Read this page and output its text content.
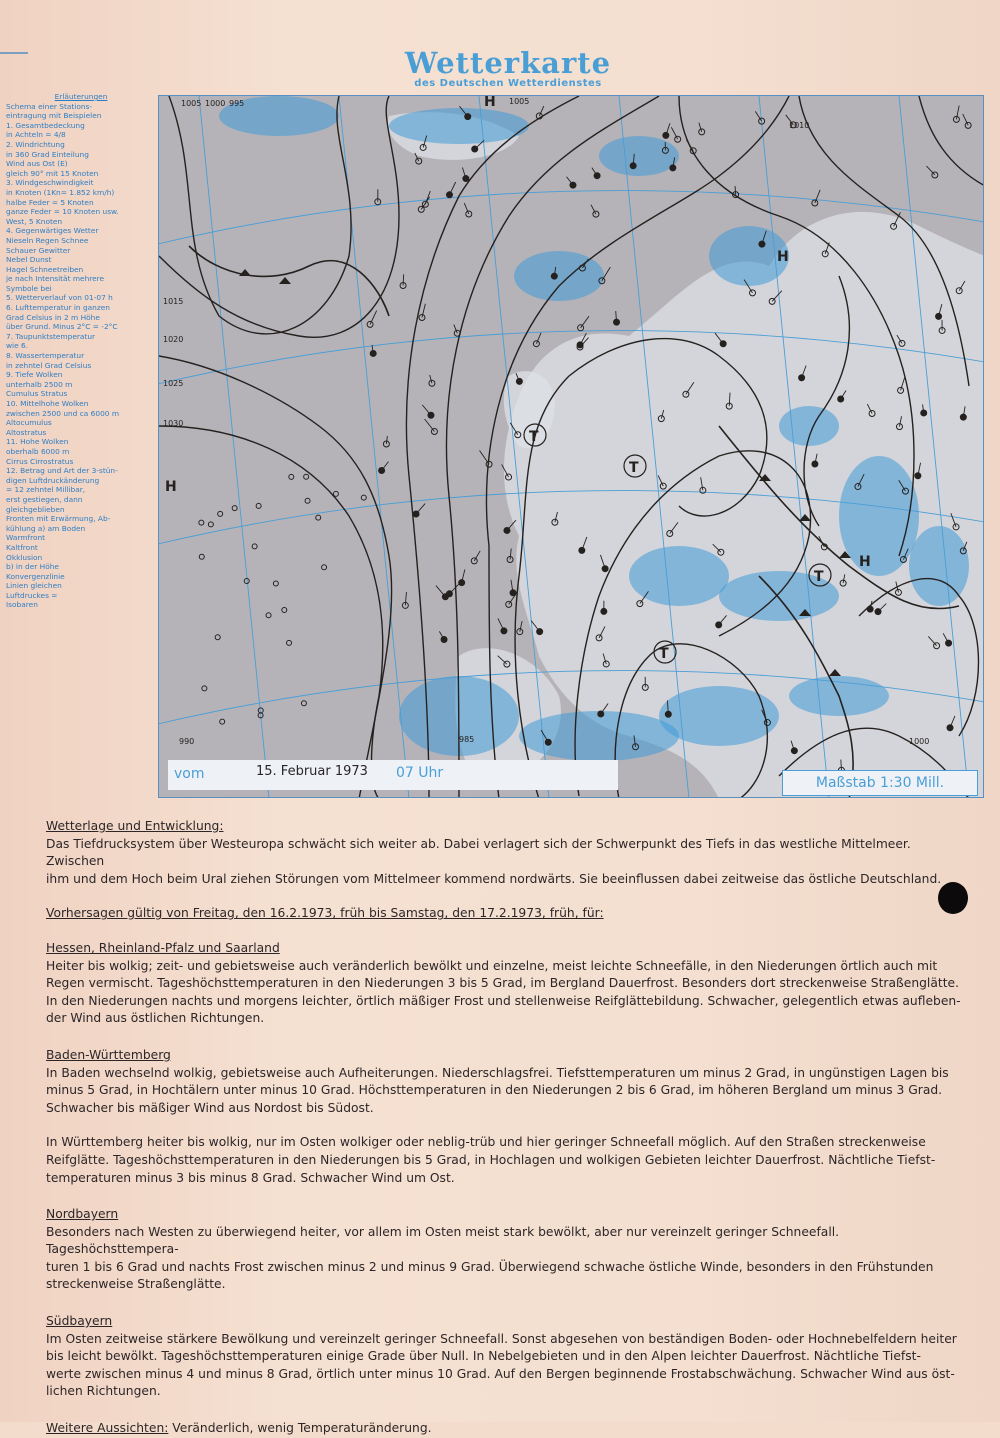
Wetterkarte
des Deutschen Wetterdienstes
Erläuterungen
Schema einer Stations-
eintragung mit Beispielen
1. Gesamtbedeckung
in Achteln = 4/8
2. Windrichtung
in 360 Grad Einteilung
Wind aus Ost (E)
gleich 90° mit 15 Knoten
3. Windgeschwindigkeit
in Knoten (1Kn= 1.852 km/h)
halbe Feder = 5 Knoten
ganze Feder = 10 Knoten usw.
West, 5 Knoten
4. Gegenwärtiges Wetter
Nieseln Regen Schnee
Schauer Gewitter
Nebel Dunst
Hagel Schneetreiben
je nach Intensität mehrere
Symbole bei
5. Wetterverlauf von 01-07 h
6. Lufttemperatur in ganzen
Grad Celsius in 2 m Höhe
über Grund. Minus 2°C = -2°C
7. Taupunktstemperatur
wie 6.
8. Wassertemperatur
in zehntel Grad Celsius
9. Tiefe Wolken
unterhalb 2500 m
Cumulus Stratus
10. Mittelhohe Wolken
zwischen 2500 und ca 6000 m
Altocumulus
Altostratus
11. Hohe Wolken
oberhalb 6000 m
Cirrus Cirrostratus
12. Betrag und Art der 3-stün-
digen Luftdruckänderung
= 12 zehntel Millibar,
erst gestiegen, dann
gleichgeblieben
Fronten mit Erwärmung, Ab-
kühlung a) am Boden
Warmfront
Kaltfront
Okklusion
b) in der Höhe
Konvergenzlinie
Linien gleichen
Luftdruckes =
Isobaren
1005 1000 995
1010
1015
1020
1025
1030
990	985
1005
1000
H
H
H
H
T
T
T
T
vom	15. Februar 1973 07 Uhr
Maßstab 1:30 Mill.

Wetterlage und Entwicklung:

Das Tiefdrucksystem über Westeuropa schwächt sich weiter ab. Dabei verlagert sich der Schwerpunkt des Tiefs in das westliche Mittelmeer. Zwischen

ihm und dem Hoch beim Ural ziehen Störungen vom Mittelmeer kommend nordwärts. Sie beeinflussen dabei zeitweise das östliche Deutschland.

Vorhersagen gültig von Freitag, den 16.2.1973, früh bis Samstag, den 17.2.1973, früh, für:

Hessen, Rheinland-Pfalz und Saarland

Heiter bis wolkig; zeit- und gebietsweise auch veränderlich bewölkt und einzelne, meist leichte Schneefälle, in den Niederungen örtlich auch mit

Regen vermischt. Tageshöchsttemperaturen in den Niederungen 3 bis 5 Grad, im Bergland Dauerfrost. Besonders dort streckenweise Straßenglätte.

In den Niederungen nachts und morgens leichter, örtlich mäßiger Frost und stellenweise Reifglättebildung. Schwacher, gelegentlich etwas aufleben-

der Wind aus östlichen Richtungen.

Baden-Württemberg

In Baden wechselnd wolkig, gebietsweise auch Aufheiterungen. Niederschlagsfrei. Tiefsttemperaturen um minus 2 Grad, in ungünstigen Lagen bis

minus 5 Grad, in Hochtälern unter minus 10 Grad. Höchsttemperaturen in den Niederungen 2 bis 6 Grad, im höheren Bergland um minus 3 Grad.

Schwacher bis mäßiger Wind aus Nordost bis Südost.

In Württemberg heiter bis wolkig, nur im Osten wolkiger oder neblig-trüb und hier geringer Schneefall möglich. Auf den Straßen streckenweise

Reifglätte. Tageshöchsttemperaturen in den Niederungen bis 5 Grad, in Hochlagen und wolkigen Gebieten leichter Dauerfrost. Nächtliche Tiefst-

temperaturen minus 3 bis minus 8 Grad. Schwacher Wind um Ost.

Nordbayern

Besonders nach Westen zu überwiegend heiter, vor allem im Osten meist stark bewölkt, aber nur vereinzelt geringer Schneefall. Tageshöchsttempera-

turen 1 bis 6 Grad und nachts Frost zwischen minus 2 und minus 9 Grad. Überwiegend schwache östliche Winde, besonders in den Frühstunden

streckenweise Straßenglätte.

Südbayern

Im Osten zeitweise stärkere Bewölkung und vereinzelt geringer Schneefall. Sonst abgesehen von beständigen Boden- oder Hochnebelfeldern heiter

bis leicht bewölkt. Tageshöchsttemperaturen einige Grade über Null. In Nebelgebieten und in den Alpen leichter Dauerfrost. Nächtliche Tiefst-

werte zwischen minus 4 und minus 8 Grad, örtlich unter minus 10 Grad. Auf den Bergen beginnende Frostabschwächung. Schwacher Wind aus öst-

lichen Richtungen.

Weitere Aussichten: Veränderlich, wenig Temperaturänderung.
